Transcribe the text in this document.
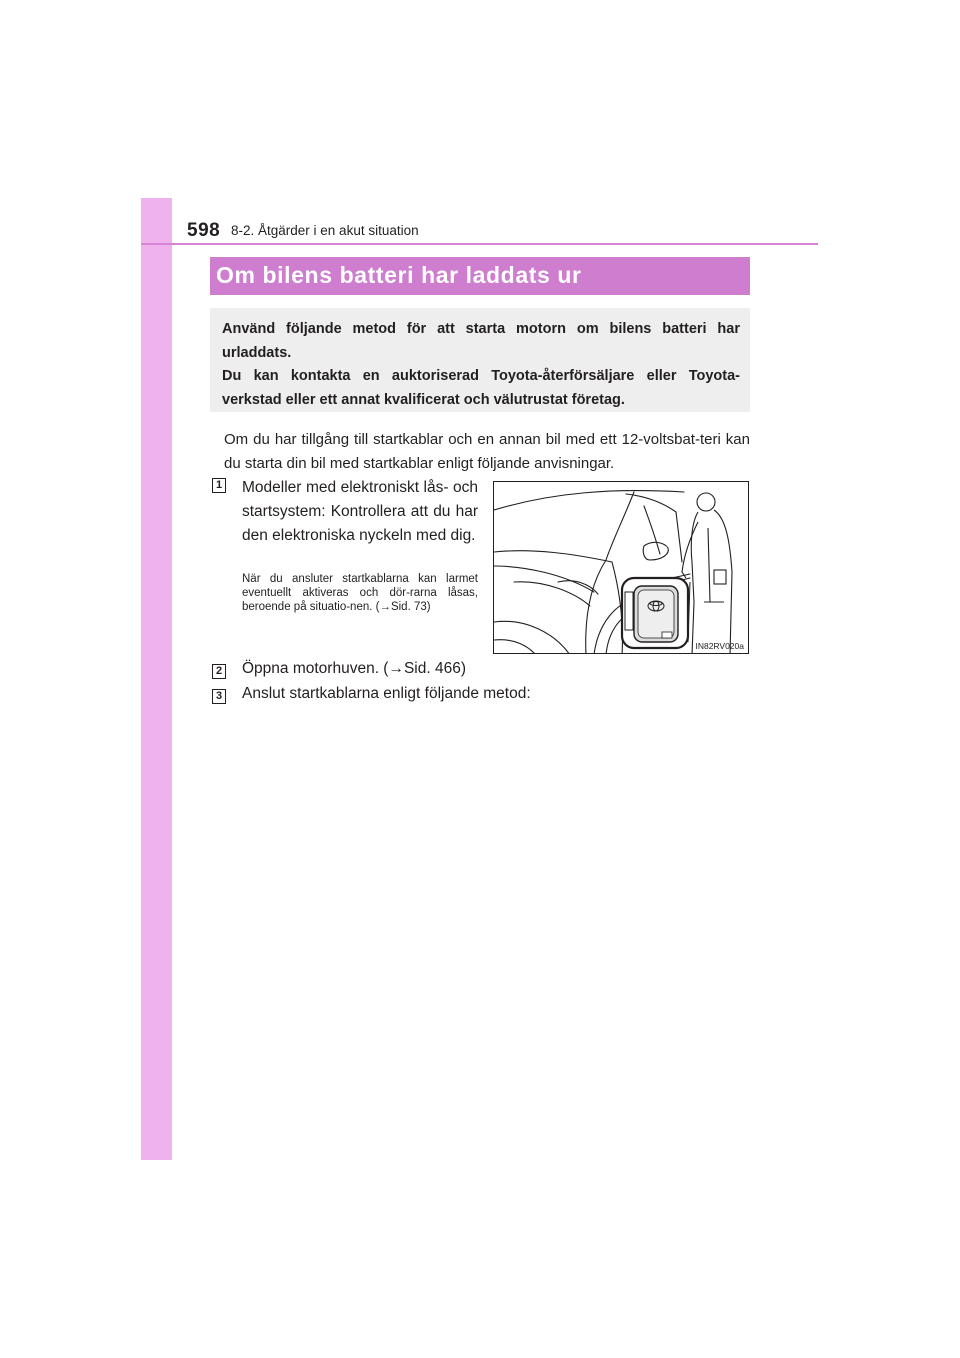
598 8-2. Åtgärder i en akut situation
Om bilens batteri har laddats ur

Använd följande metod för att starta motorn om bilens batteri har urladdats.

Du kan kontakta en auktoriserad Toyota-återförsäljare eller Toyota-verkstad eller ett annat kvalificerat och välutrustat företag.

Om du har tillgång till startkablar och en annan bil med ett 12-voltsbat-teri kan du starta din bil med startkablar enligt följande anvisningar.
1 Modeller med elektroniskt lås- och startsystem: Kontrollera att du har den elektroniska nyckeln med dig.
När du ansluter startkablarna kan larmet eventuellt aktiveras och dör-rarna låsas, beroende på situatio-nen. (→Sid. 73)
IN82RV020a
2 Öppna motorhuven. (→Sid. 466)
3 Anslut startkablarna enligt följande metod:
